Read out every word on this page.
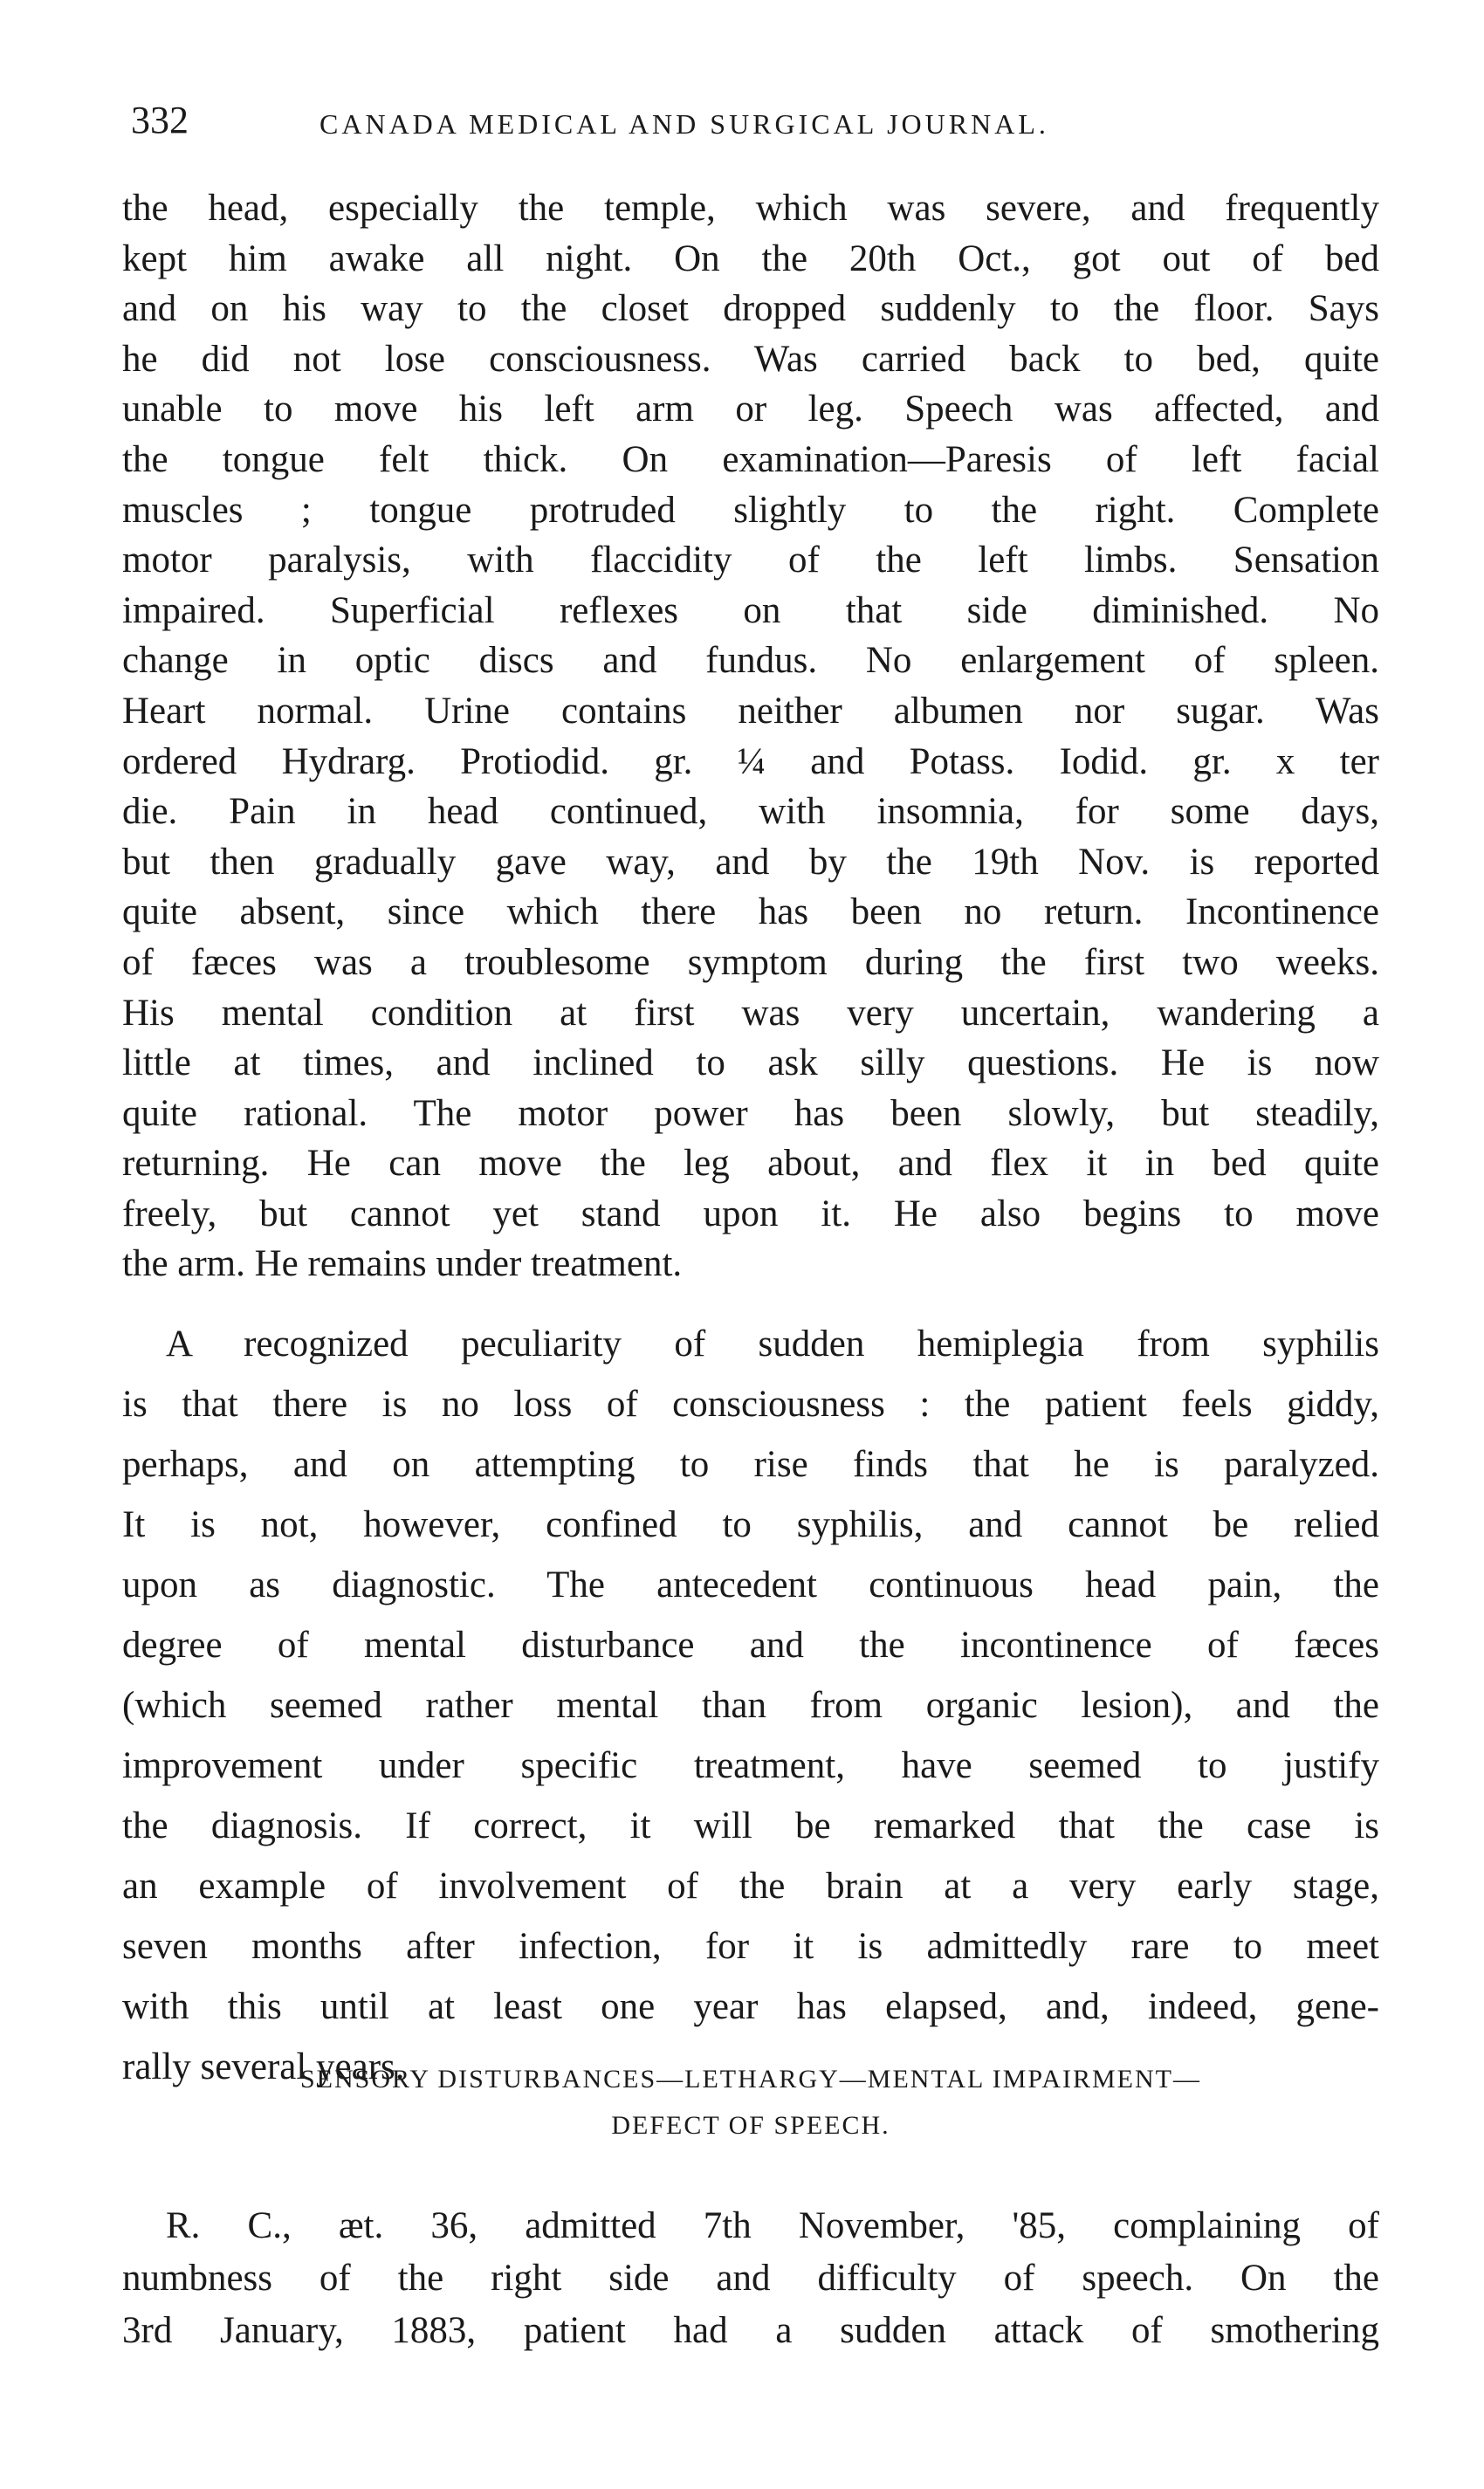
332	CANADA MEDICAL AND SURGICAL JOURNAL.
the head, especially the temple, which was severe, and frequently
kept him awake all night. On the 20th Oct., got out of bed
and on his way to the closet dropped suddenly to the floor. Says
he did not lose consciousness. Was carried back to bed, quite
unable to move his left arm or leg. Speech was affected, and
the tongue felt thick. On examination—Paresis of left facial
muscles ; tongue protruded slightly to the right. Complete
motor paralysis, with flaccidity of the left limbs. Sensation
impaired. Superficial reflexes on that side diminished. No
change in optic discs and fundus. No enlargement of spleen.
Heart normal. Urine contains neither albumen nor sugar. Was
ordered Hydrarg. Protiodid. gr. ¼ and Potass. Iodid. gr. x ter
die. Pain in head continued, with insomnia, for some days,
but then gradually gave way, and by the 19th Nov. is reported
quite absent, since which there has been no return. Incontinence
of fæces was a troublesome symptom during the first two weeks.
His mental condition at first was very uncertain, wandering a
little at times, and inclined to ask silly questions. He is now
quite rational. The motor power has been slowly, but steadily,
returning. He can move the leg about, and flex it in bed quite
freely, but cannot yet stand upon it. He also begins to move
the arm. He remains under treatment.
A recognized peculiarity of sudden hemiplegia from syphilis
is that there is no loss of consciousness : the patient feels giddy,
perhaps, and on attempting to rise finds that he is paralyzed.
It is not, however, confined to syphilis, and cannot be relied
upon as diagnostic. The antecedent continuous head pain, the
degree of mental disturbance and the incontinence of fæces
(which seemed rather mental than from organic lesion), and the
improvement under specific treatment, have seemed to justify
the diagnosis. If correct, it will be remarked that the case is
an example of involvement of the brain at a very early stage,
seven months after infection, for it is admittedly rare to meet
with this until at least one year has elapsed, and, indeed, gene-
rally several years.
SENSORY DISTURBANCES—LETHARGY—MENTAL IMPAIRMENT—
DEFECT OF SPEECH.
R. C., æt. 36, admitted 7th November, '85, complaining of
numbness of the right side and difficulty of speech. On the
3rd January, 1883, patient had a sudden attack of smothering
